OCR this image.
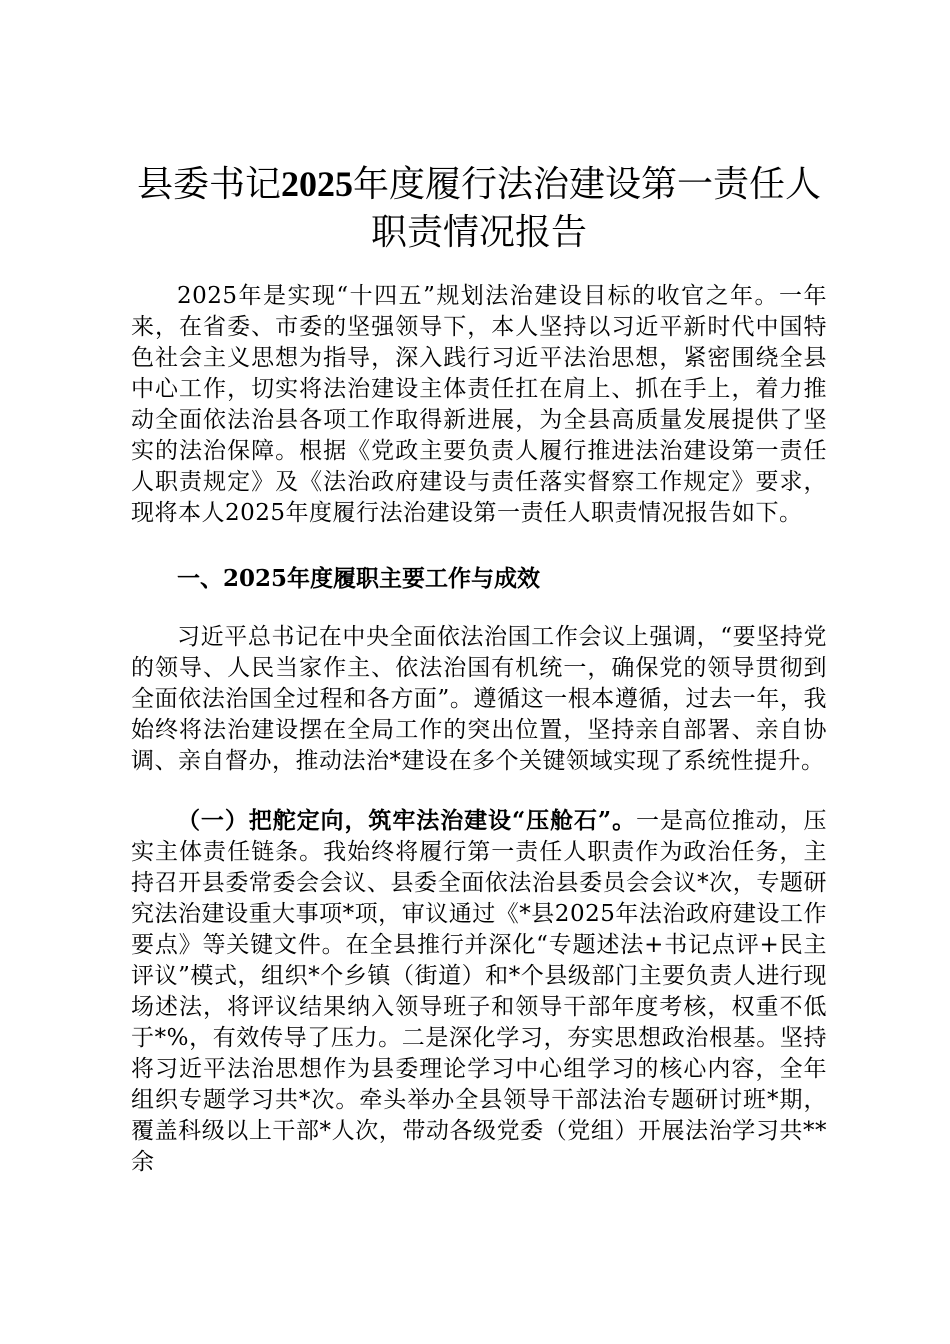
县委书记2025年度履行法治建设第一责任人
职责情况报告

2025年是实现“十四五”规划法治建设目标的收官之年。一年来，在省委、市委的坚强领导下，本人坚持以习近平新时代中国特色社会主义思想为指导，深入践行习近平法治思想，紧密围绕全县中心工作，切实将法治建设主体责任扛在肩上、抓在手上，着力推动全面依法治县各项工作取得新进展，为全县高质量发展提供了坚实的法治保障。根据《党政主要负责人履行推进法治建设第一责任人职责规定》及《法治政府建设与责任落实督察工作规定》要求，现将本人2025年度履行法治建设第一责任人职责情况报告如下。

一、2025年度履职主要工作与成效

习近平总书记在中央全面依法治国工作会议上强调，“要坚持党的领导、人民当家作主、依法治国有机统一，确保党的领导贯彻到全面依法治国全过程和各方面”。遵循这一根本遵循，过去一年，我始终将法治建设摆在全局工作的突出位置，坚持亲自部署、亲自协调、亲自督办，推动法治*建设在多个关键领域实现了系统性提升。

（一）把舵定向，筑牢法治建设“压舱石”。一是高位推动，压实主体责任链条。我始终将履行第一责任人职责作为政治任务，主持召开县委常委会会议、县委全面依法治县委员会会议*次，专题研究法治建设重大事项*项，审议通过《*县2025年法治政府建设工作要点》等关键文件。在全县推行并深化“专题述法+书记点评+民主评议”模式，组织*个乡镇（街道）和*个县级部门主要负责人进行现场述法，将评议结果纳入领导班子和领导干部年度考核，权重不低于*%，有效传导了压力。二是深化学习，夯实思想政治根基。坚持将习近平法治思想作为县委理论学习中心组学习的核心内容，全年组织专题学习共*次。牵头举办全县领导干部法治专题研讨班*期，覆盖科级以上干部*人次，带动各级党委（党组）开展法治学习共**余
